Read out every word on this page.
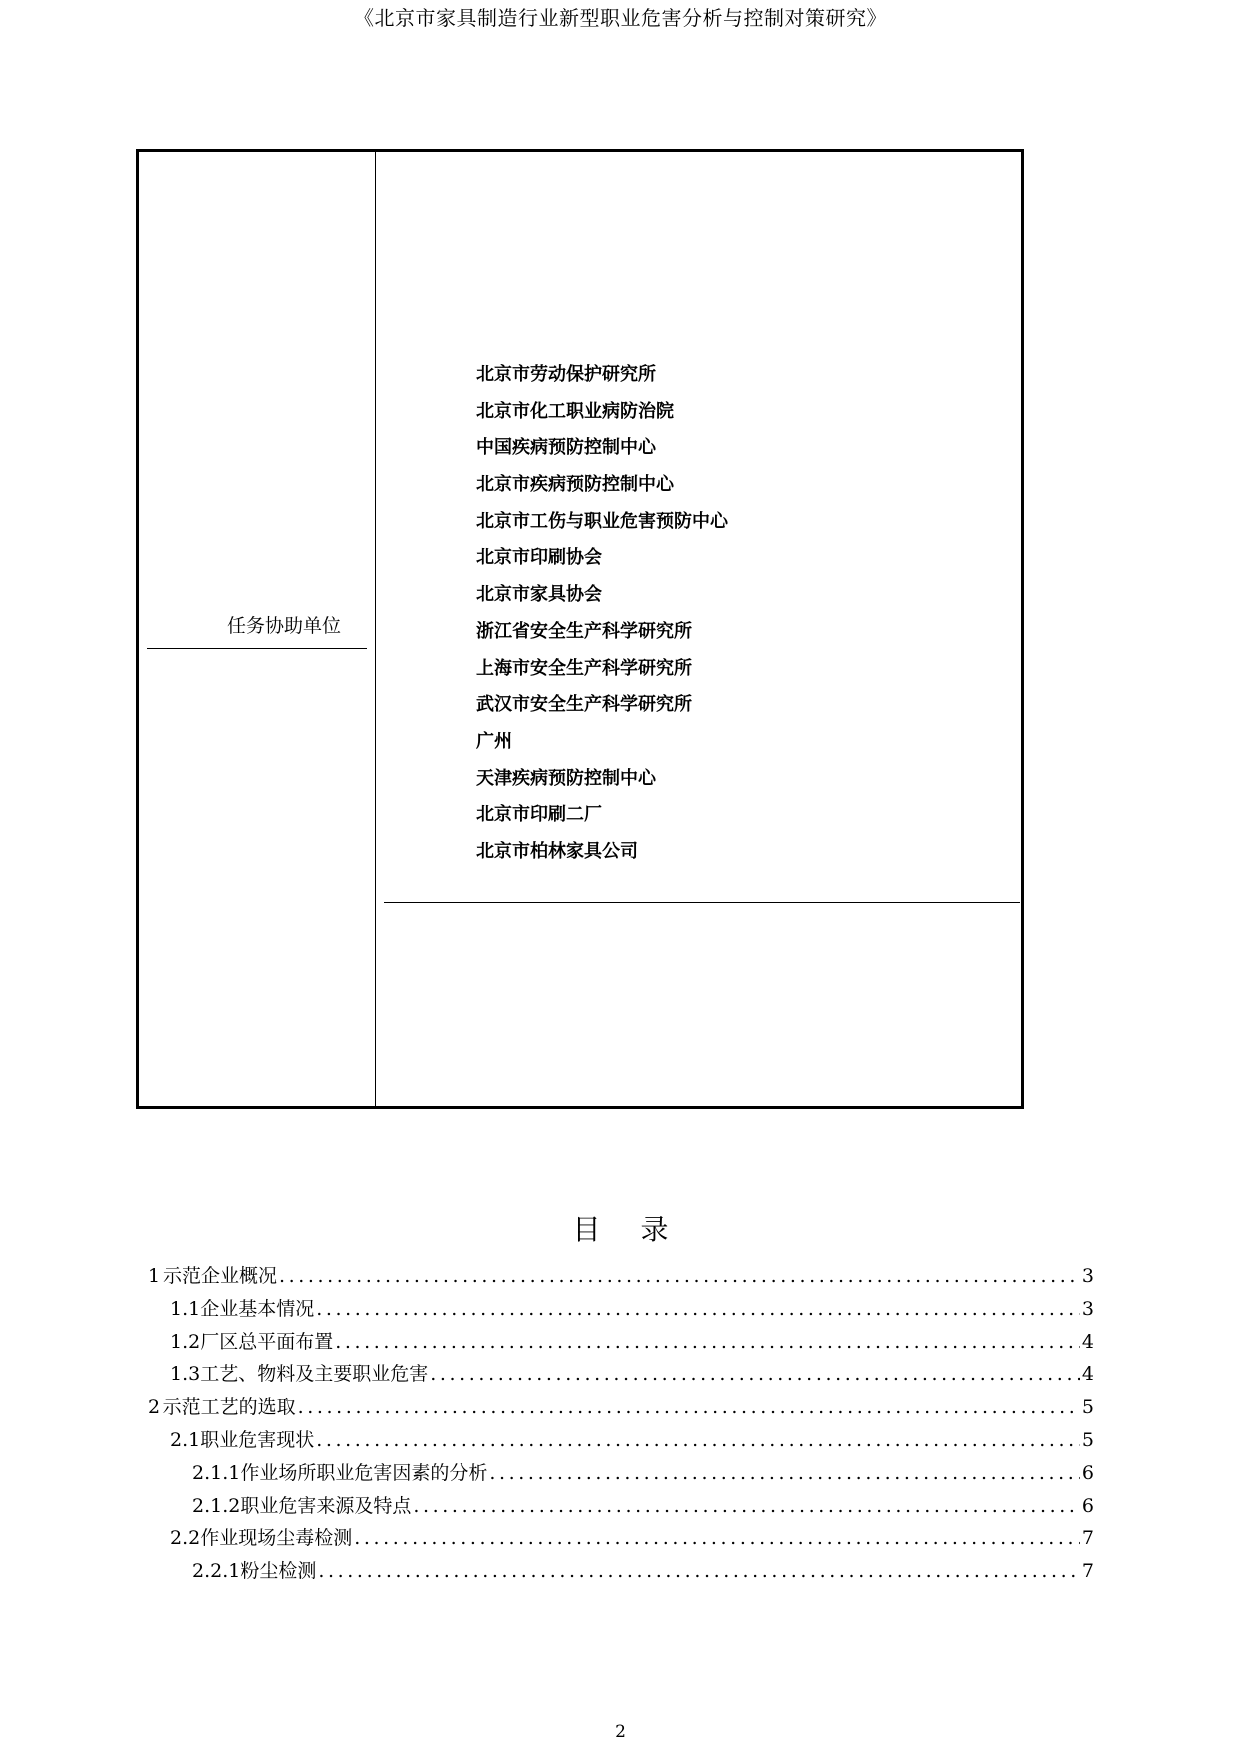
《北京市家具制造行业新型职业危害分析与控制对策研究》
任务协助单位
北京市劳动保护研究所
北京市化工职业病防治院
中国疾病预防控制中心
北京市疾病预防控制中心
北京市工伤与职业危害预防中心
北京市印刷协会
北京市家具协会
浙江省安全生产科学研究所
上海市安全生产科学研究所
武汉市安全生产科学研究所
广州
天津疾病预防控制中心
北京市印刷二厂
北京市柏林家具公司
目录
1 示范企业概况 .....	3
1.1 企业基本情况 .....	3
1.2 厂区总平面布置 .....	4
1.3 工艺、物料及主要职业危害 .....	4
2 示范工艺的选取 .....	5
2.1 职业危害现状 .....	5
2.1.1 作业场所职业危害因素的分析 .....	6
2.1.2 职业危害来源及特点 .....	6
2.2 作业现场尘毒检测 .....	7
2.2.1 粉尘检测 .....	7
2
